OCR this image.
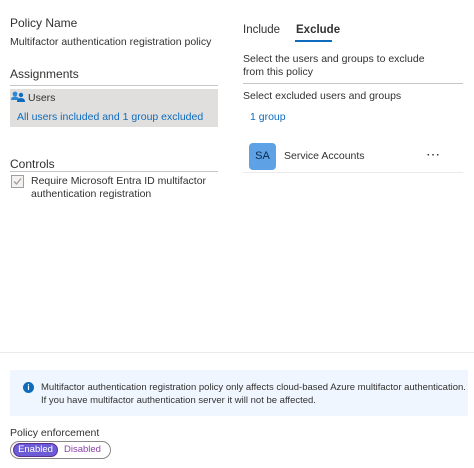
Policy Name
Multifactor authentication registration policy
Assignments
Users
All users included and 1 group excluded
Controls
Require Microsoft Entra ID multifactor authentication registration
Include Exclude
Select the users and groups to exclude from this policy
Select excluded users and groups
1 group
SA	Service Accounts	⋯
i	Multifactor authentication registration policy only affects cloud-based Azure multifactor authentication. If you have multifactor authentication server it will not be affected.
Policy enforcement
Enabled	Disabled
